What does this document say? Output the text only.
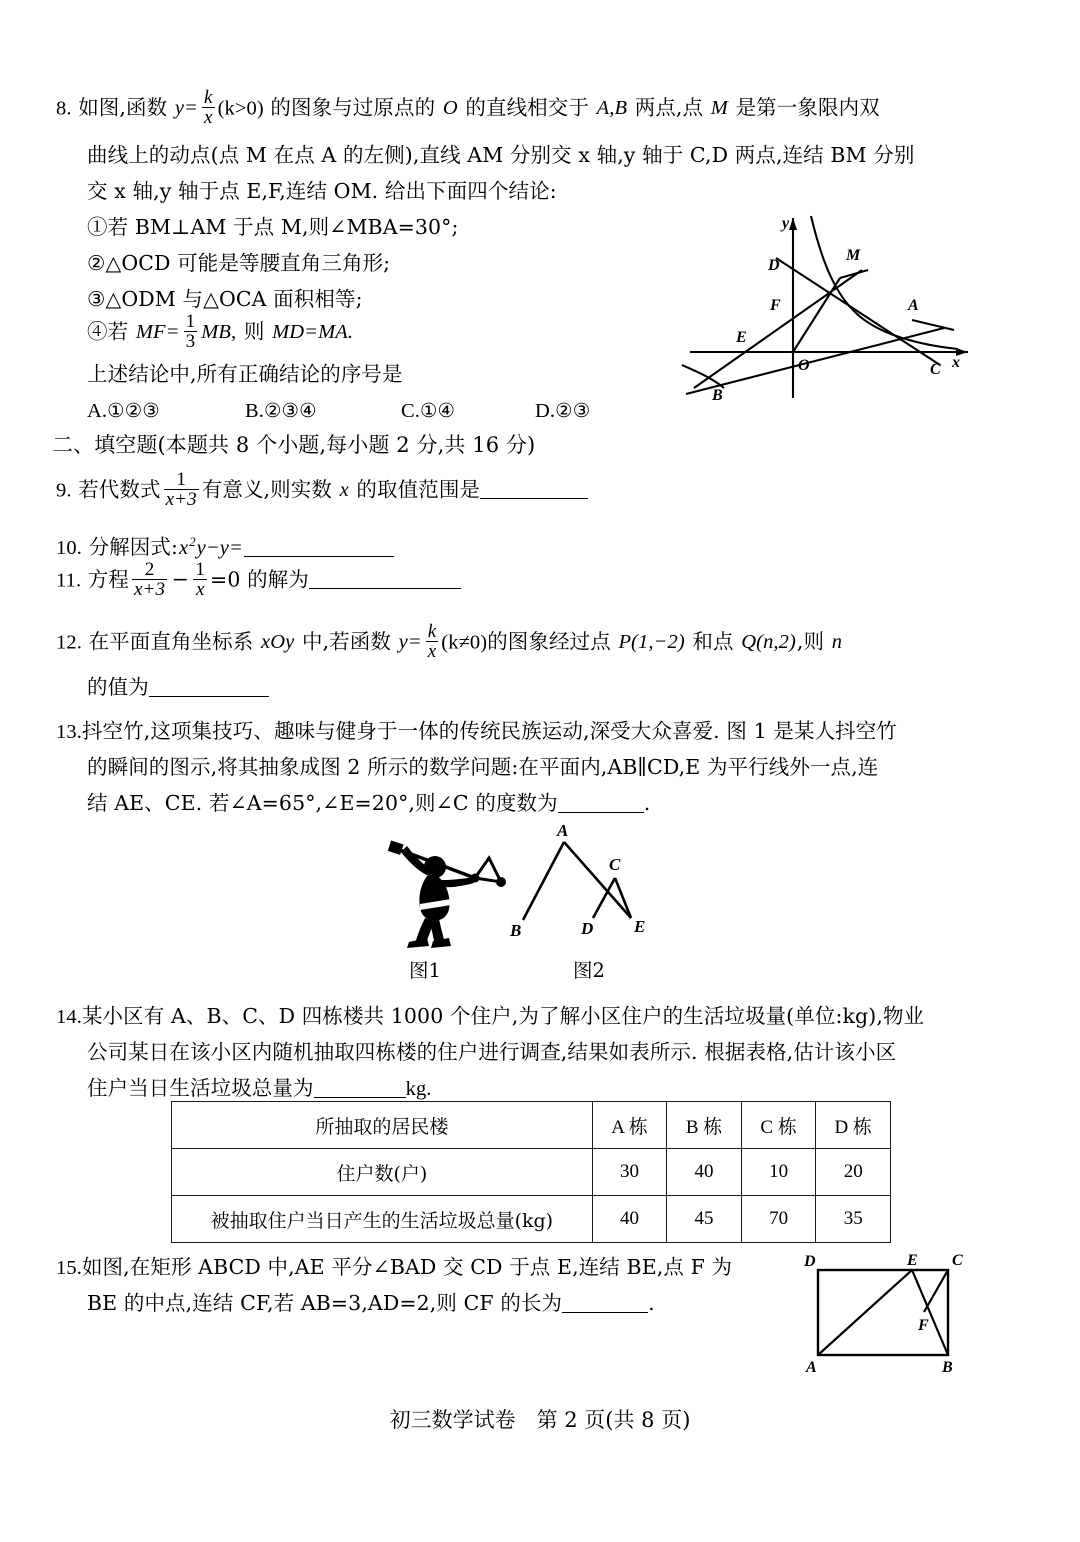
8. 如图,函数 $y= \frac{k}{x} (k>0)$ 的图象与过原点的 O 的直线相交于 A,B 两点,点 M 是第一象限内双
曲线上的动点(点 M 在点 A 的左侧),直线 AM 分别交 x 轴,y 轴于 C,D 两点,连结 BM 分别
交 x 轴,y 轴于点 E,F,连结 OM. 给出下面四个结论:
①若 BM⊥AM 于点 M,则∠MBA=30°;
②△OCD 可能是等腰直角三角形;
③△ODM 与△OCA 面积相等;
④若 $MF= \frac{1}{3}$ MB, 则 MD=MA.
上述结论中,所有正确结论的序号是
A.①②③	B.②③④	C.①④	D.②③
y
D
M
F	A
E
O	C x
B
二、填空题(本题共 8 个小题,每小题 2 分,共 16 分)
9. 若代数式 $\frac{1}{x+3}$ 有意义,则实数 x 的取值范围是
10. 分解因式$:x^2y-y=$
11. 方程 $\frac{2}{x+3} - \frac{1}{x} =0$ 的解为
12. 在平面直角坐标系 xOy 中,若函数 $y= \frac{k}{x} (k\ne 0)$的图象经过点 P(1,−2) 和点 Q(n,2),则 n
的值为
13.抖空竹,这项集技巧、趣味与健身于一体的传统民族运动,深受大众喜爱. 图 1 是某人抖空竹
的瞬间的图示,将其抽象成图 2 所示的数学问题:在平面内,AB∥CD,E 为平行线外一点,连
结 AE、CE. 若∠A=65°,∠E=20°,则∠C 的度数为	.
图1
A
B
C
D E
图2
14.某小区有 A、B、C、D 四栋楼共 1000 个住户,为了解小区住户的生活垃圾量(单位:kg),物业
公司某日在该小区内随机抽取四栋楼的住户进行调查,结果如表所示. 根据表格,估计该小区
住户当日生活垃圾总量为	kg.
所抽取的居民楼	A 栋	B 栋	C 栋	D 栋
住户数(户)	30	40	10	20
被抽取住户当日产生的生活垃圾总量(kg)	40	45	70	35
15.如图,在矩形 ABCD 中,AE 平分∠BAD 交 CD 于点 E,连结 BE,点 F 为
BE 的中点,连结 CF,若 AB=3,AD=2,则 CF 的长为	.
D	E C
F
A	B
初三数学试卷　第 2 页(共 8 页)
